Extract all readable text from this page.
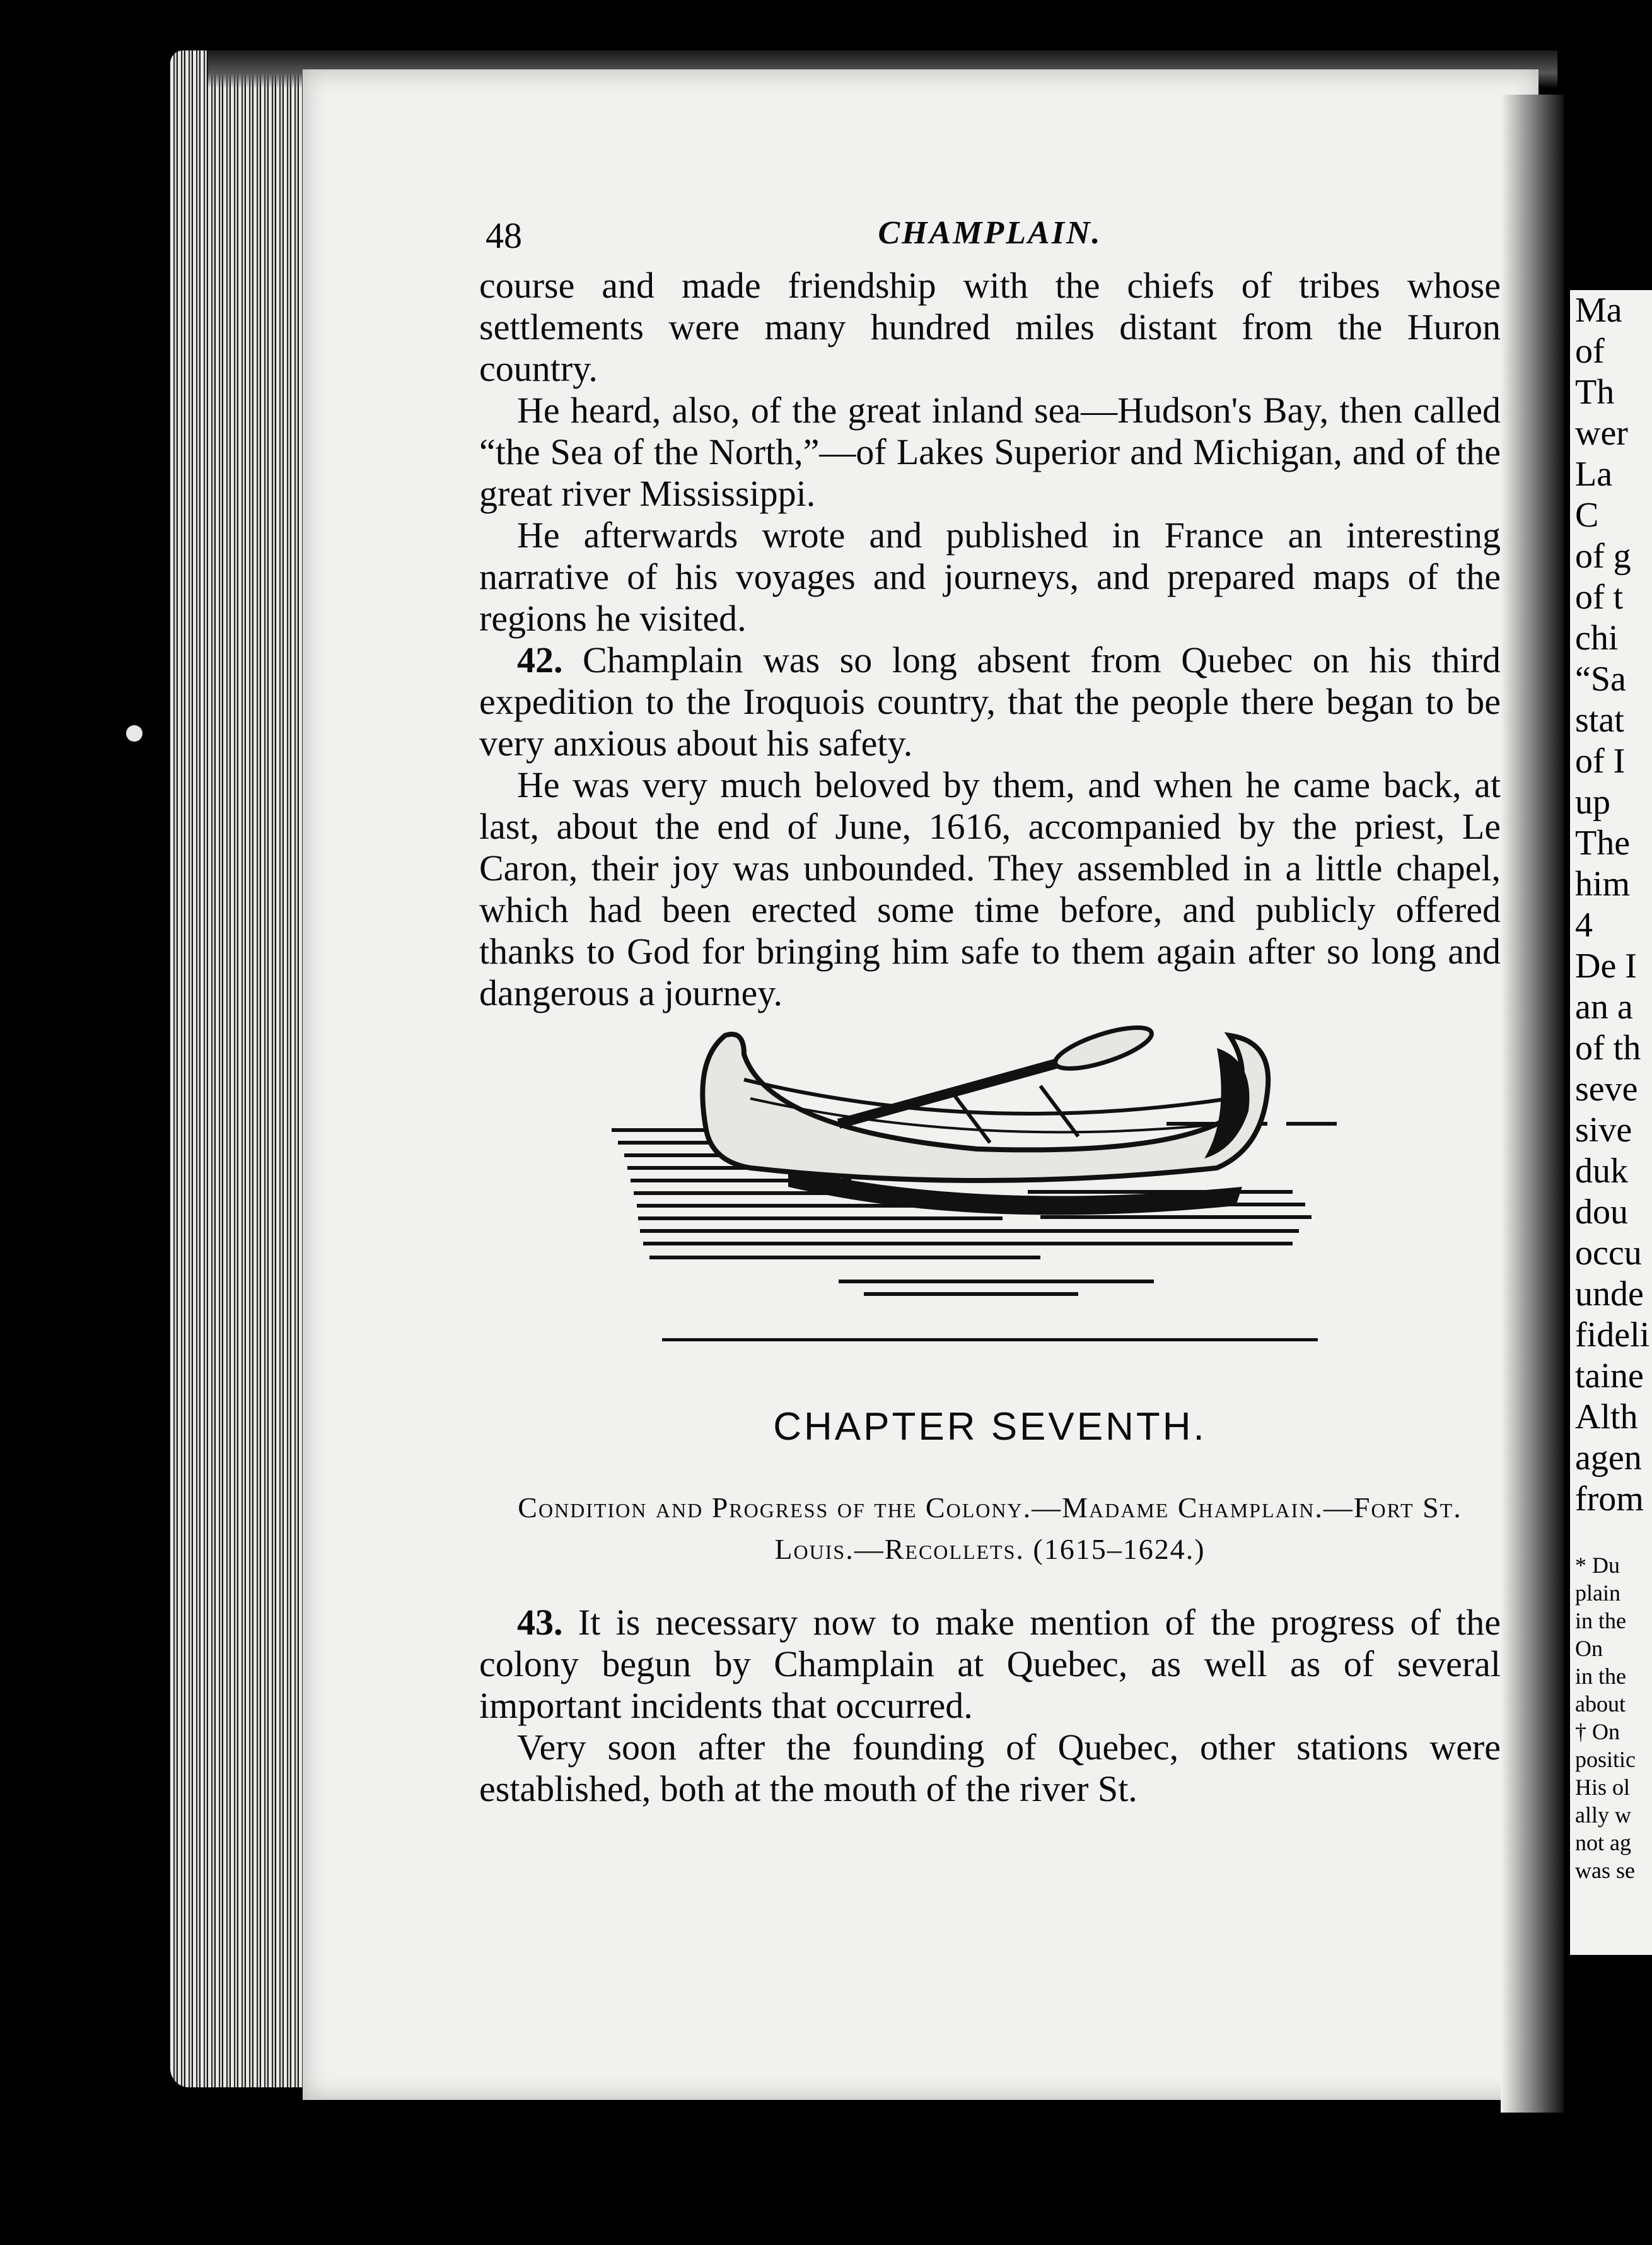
Ma
of
Th
wer
La
C
of g
of t
chi
“Sa
stat
of I
up
The
him
4
De I
an a
of th
seve
sive
duk
dou
occu
unde
fideli
taine
Alth
agen
from
* Du
plain
in the
On
in the
about
† On
positic
His ol
ally w
not ag
was se
48	CHAMPLAIN.

course and made friendship with the chiefs of tribes whose settlements were many hundred miles distant from the Huron country.

He heard, also, of the great inland sea—Hudson's Bay, then called “the Sea of the North,”—of Lakes Superior and Michigan, and of the great river Mississippi.

He afterwards wrote and published in France an interesting narrative of his voyages and journeys, and prepared maps of the regions he visited.

42. Champlain was so long absent from Quebec on his third expedition to the Iroquois country, that the people there began to be very anxious about his safety.

He was very much beloved by them, and when he came back, at last, about the end of June, 1616, accompanied by the priest, Le Caron, their joy was unbounded. They assembled in a little chapel, which had been erected some time before, and publicly offered thanks to God for bringing him safe to them again after so long and dangerous a journey.

CHAPTER SEVENTH.
Condition and Progress of the Colony.—Madame Champlain.—Fort St. Louis.—Recollets. (1615–1624.)

43. It is necessary now to make mention of the progress of the colony begun by Champlain at Quebec, as well as of several important incidents that occurred.

Very soon after the founding of Quebec, other stations were established, both at the mouth of the river St.
